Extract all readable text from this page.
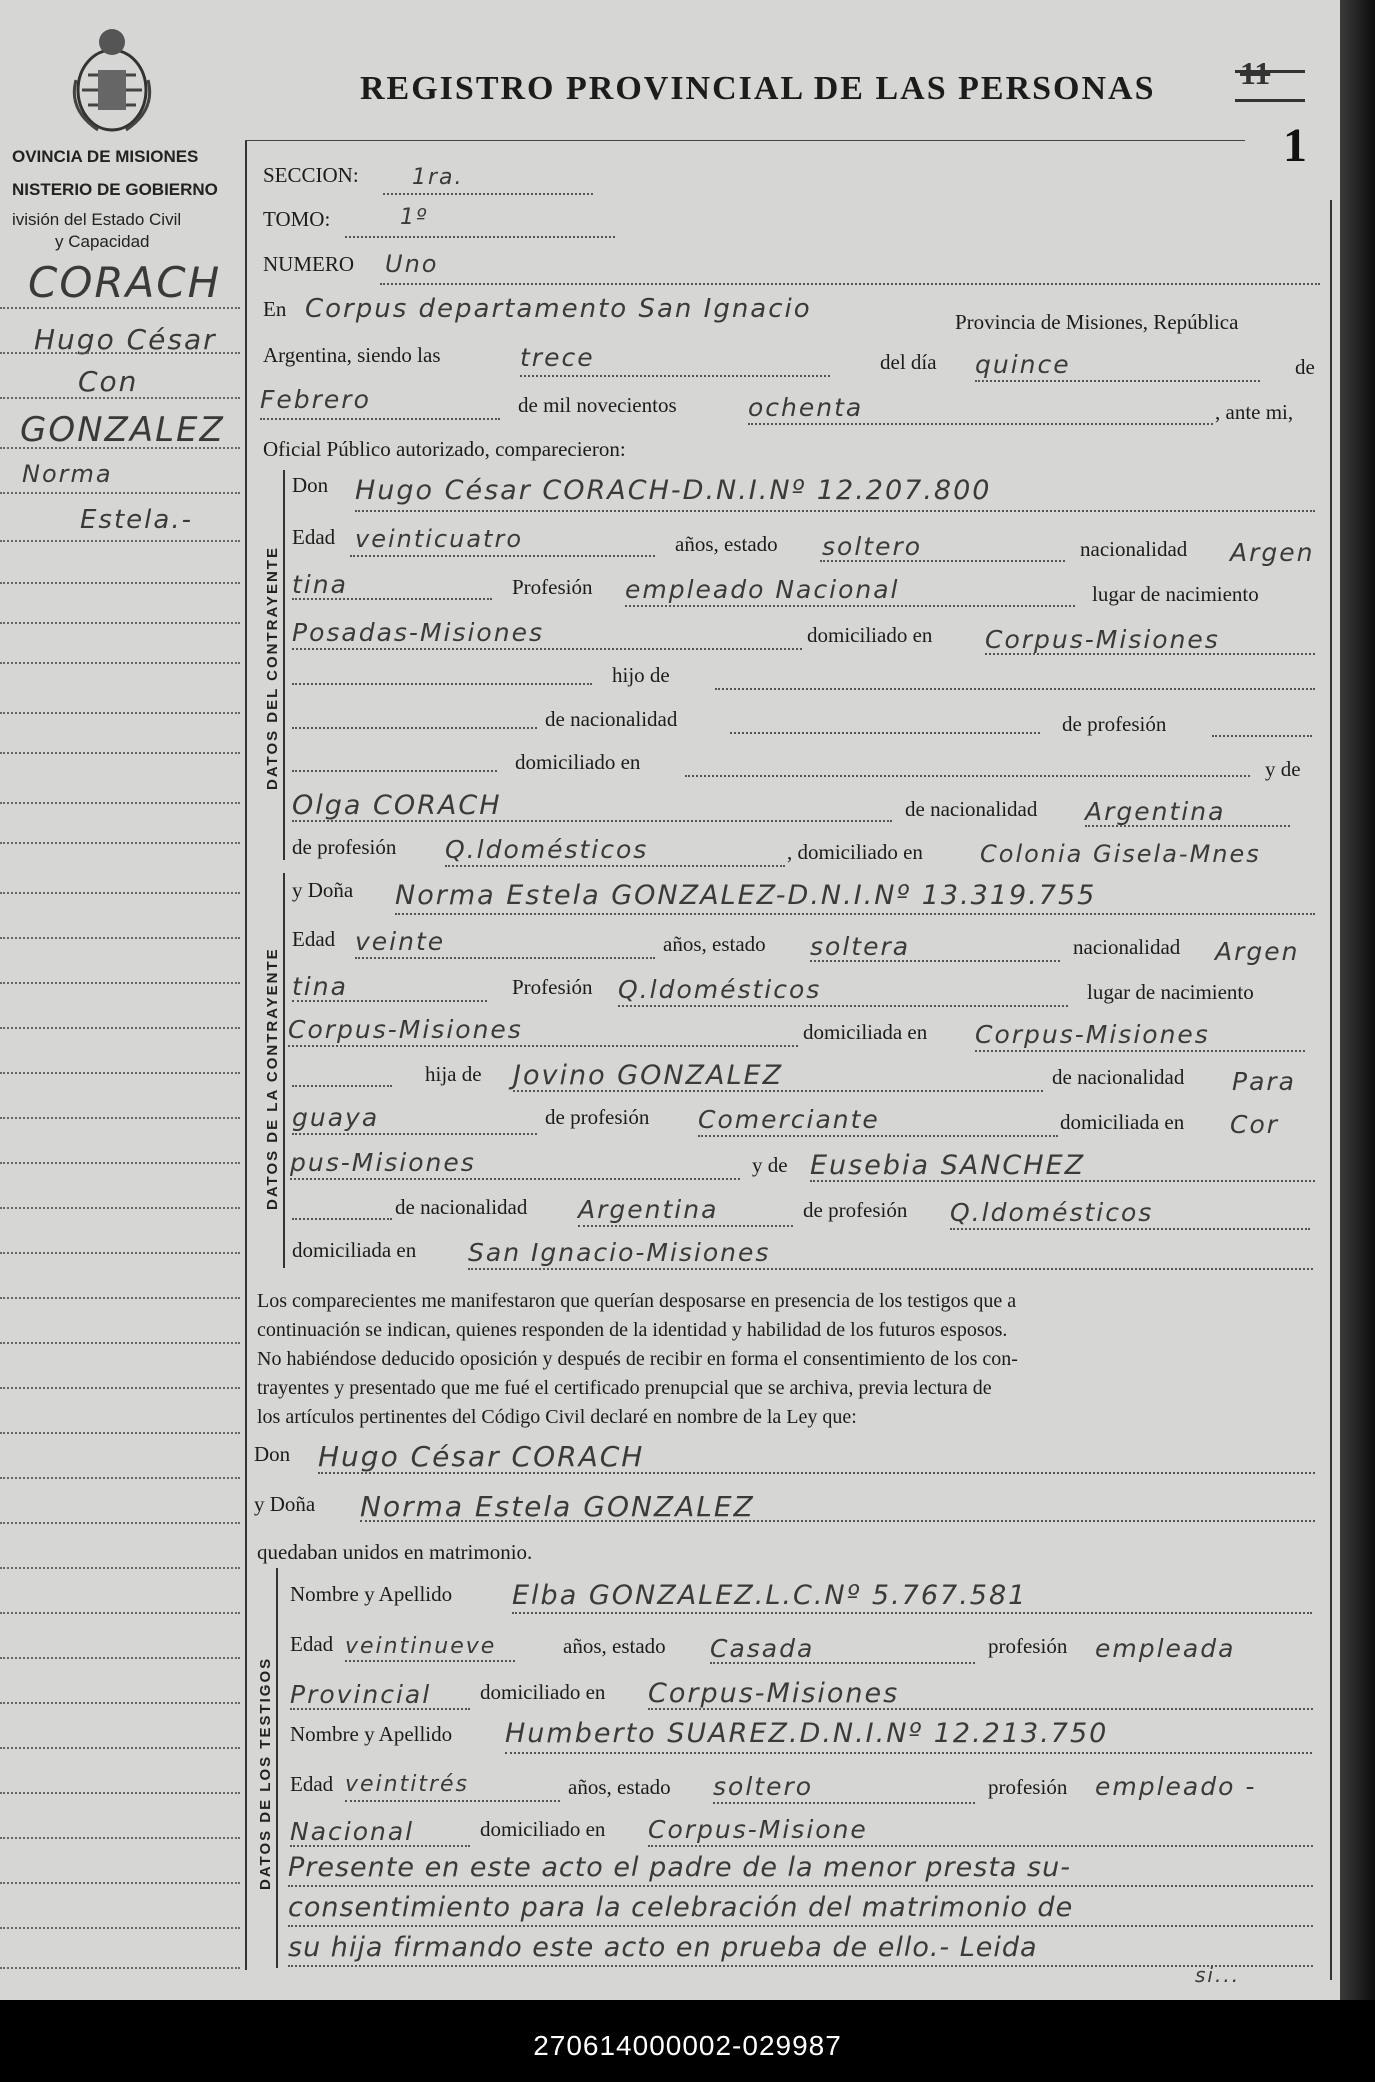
OVINCIA DE MISIONES
NISTERIO DE GOBIERNO
ivisión del Estado Civil
y Capacidad
REGISTRO PROVINCIAL DE LAS PERSONAS	11
1
CORACH
Hugo César
Con
GONZALEZ
Norma
Estela.-
DATOS DEL CONTRAYENTE
DATOS DE LA CONTRAYENTE
DATOS DE LOS TESTIGOS
SECCION: 1ra.
TOMO:	1º
NUMERO Uno
En Corpus departamento San Ignacio	Provincia de Misiones, República
Argentina, siendo las	trece	del día quince	de
Febrero	de mil novecientos	ochenta	, ante mi,
Oficial Público autorizado, comparecieron:
Don Hugo César CORACH-D.N.I.Nº 12.207.800
Edad veinticuatro	años, estado soltero	nacionalidad Argen
tina	Profesión empleado Nacional	lugar de nacimiento
Posadas-Misiones	domiciliado en Corpus-Misiones
hijo de
de nacionalidad	de profesión
domiciliado en	y de
Olga CORACH	de nacionalidad Argentina
de profesión Q.ldomésticos	, domiciliado en Colonia Gisela-Mnes
y Doña Norma Estela GONZALEZ-D.N.I.Nº 13.319.755
Edad veinte	años, estado soltera	nacionalidad Argen
tina	Profesión Q.ldomésticos	lugar de nacimiento
Corpus-Misiones	domiciliada en Corpus-Misiones
hija de Jovino GONZALEZ	de nacionalidad Para
guaya	de profesión Comerciante	domiciliada en Cor
pus-Misiones	y de Eusebia SANCHEZ
de nacionalidad Argentina	de profesión Q.ldomésticos
domiciliada en San Ignacio-Misiones
Los comparecientes me manifestaron que querían desposarse en presencia de los testigos que a
continuación se indican, quienes responden de la identidad y habilidad de los futuros esposos.
No habiéndose deducido oposición y después de recibir en forma el consentimiento de los con-
trayentes y presentado que me fué el certificado prenupcial que se archiva, previa lectura de
los artículos pertinentes del Código Civil declaré en nombre de la Ley que:
Don Hugo César CORACH
y Doña Norma Estela GONZALEZ
quedaban unidos en matrimonio.
Nombre y Apellido Elba GONZALEZ.L.C.Nº 5.767.581
Edad veintinueve	años, estado Casada	profesión empleada
Provincial domiciliado en Corpus-Misiones
Nombre y Apellido Humberto SUAREZ.D.N.I.Nº 12.213.750
Edad veintitrés	años, estado soltero	profesión empleado -
Nacional	domiciliado en Corpus-Misione
Presente en este acto el padre de la menor presta su-
consentimiento para la celebración del matrimonio de
su hija firmando este acto en prueba de ello.- Leida
si...
270614000002-029987
